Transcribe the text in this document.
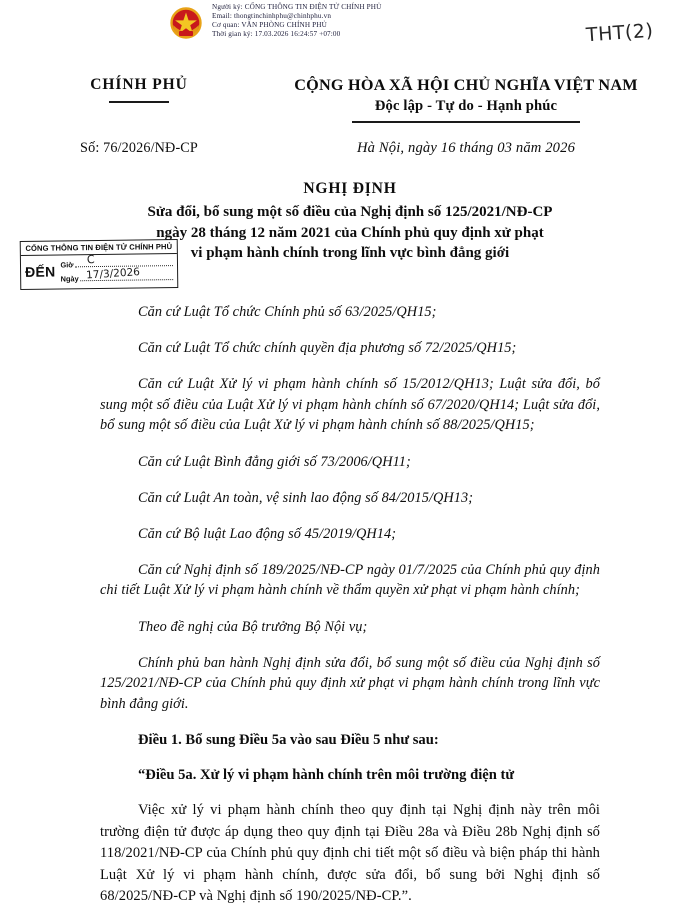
Người ký: CỔNG THÔNG TIN ĐIỆN TỬ CHÍNH PHỦ
Email: thongtinchinhphu@chinhphu.vn
Cơ quan: VĂN PHÒNG CHÍNH PHỦ
Thời gian ký: 17.03.2026 16:24:57 +07:00	THT(2)
CHÍNH PHỦ	CỘNG HÒA XÃ HỘI CHỦ NGHĨA VIỆT NAM
Độc lập - Tự do - Hạnh phúc
Số: 76/2026/NĐ-CP	Hà Nội, ngày 16 tháng 03 năm 2026
NGHỊ ĐỊNH
Sửa đổi, bổ sung một số điều của Nghị định số 125/2021/NĐ-CP
ngày 28 tháng 12 năm 2021 của Chính phủ quy định xử phạt
vi phạm hành chính trong lĩnh vực bình đẳng giới
CỔNG THÔNG TIN ĐIỆN TỬ CHÍNH PHỦ
ĐẾN Giờ C
Ngày 17/3/2026

Căn cứ Luật Tổ chức Chính phủ số 63/2025/QH15;

Căn cứ Luật Tổ chức chính quyền địa phương số 72/2025/QH15;

Căn cứ Luật Xử lý vi phạm hành chính số 15/2012/QH13; Luật sửa đổi, bổ sung một số điều của Luật Xử lý vi phạm hành chính số 67/2020/QH14; Luật sửa đổi, bổ sung một số điều của Luật Xử lý vi phạm hành chính số 88/2025/QH15;

Căn cứ Luật Bình đẳng giới số 73/2006/QH11;

Căn cứ Luật An toàn, vệ sinh lao động số 84/2015/QH13;

Căn cứ Bộ luật Lao động số 45/2019/QH14;

Căn cứ Nghị định số 189/2025/NĐ-CP ngày 01/7/2025 của Chính phủ quy định chi tiết Luật Xử lý vi phạm hành chính về thẩm quyền xử phạt vi phạm hành chính;

Theo đề nghị của Bộ trưởng Bộ Nội vụ;

Chính phủ ban hành Nghị định sửa đổi, bổ sung một số điều của Nghị định số 125/2021/NĐ-CP của Chính phủ quy định xử phạt vi phạm hành chính trong lĩnh vực bình đẳng giới.

Điều 1. Bổ sung Điều 5a vào sau Điều 5 như sau:

“Điều 5a. Xử lý vi phạm hành chính trên môi trường điện tử

Việc xử lý vi phạm hành chính theo quy định tại Nghị định này trên môi trường điện tử được áp dụng theo quy định tại Điều 28a và Điều 28b Nghị định số 118/2021/NĐ-CP của Chính phủ quy định chi tiết một số điều và biện pháp thi hành Luật Xử lý vi phạm hành chính, được sửa đổi, bổ sung bởi Nghị định số 68/2025/NĐ-CP và Nghị định số 190/2025/NĐ-CP.”.
